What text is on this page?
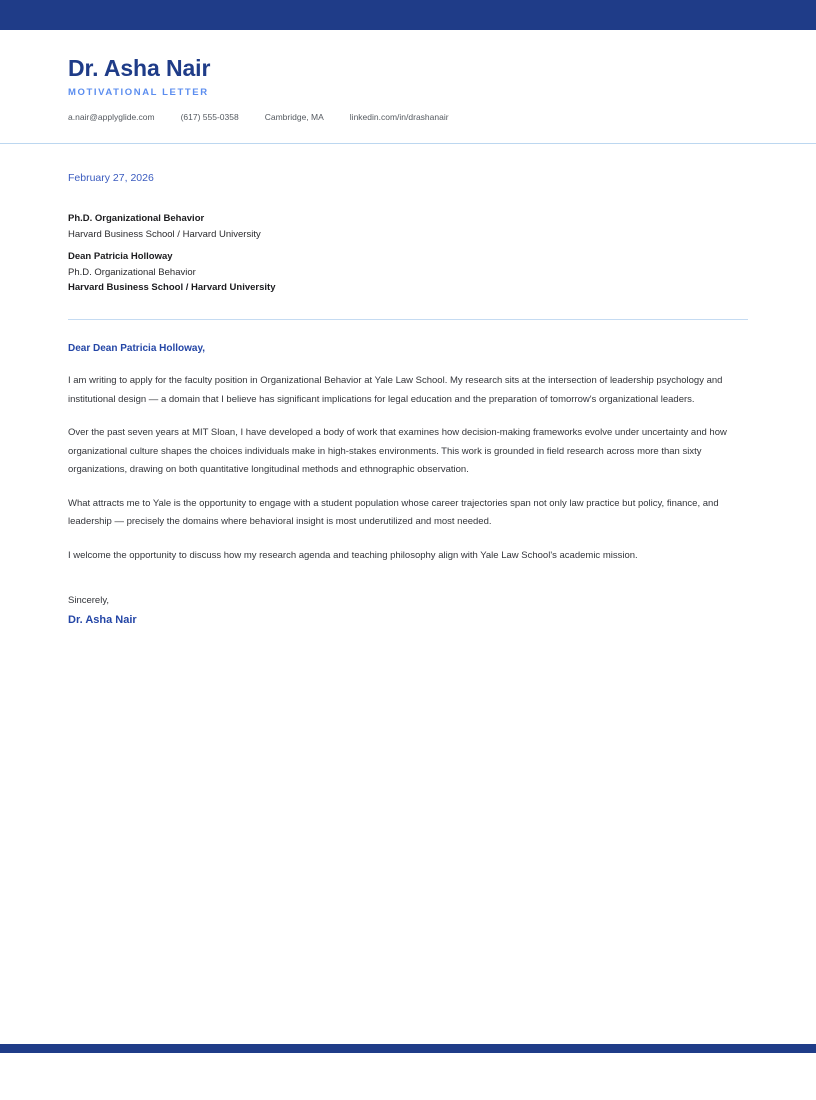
Dr. Asha Nair
MOTIVATIONAL LETTER
a.nair@applyglide.com	(617) 555-0358	Cambridge, MA	linkedin.com/in/drashanair
February 27, 2026
Ph.D. Organizational Behavior
Harvard Business School / Harvard University
Dean Patricia Holloway
Ph.D. Organizational Behavior
Harvard Business School / Harvard University
Dear Dean Patricia Holloway,

I am writing to apply for the faculty position in Organizational Behavior at Yale Law School. My research sits at the intersection of leadership psychology and institutional design — a domain that I believe has significant implications for legal education and the preparation of tomorrow's organizational leaders.

Over the past seven years at MIT Sloan, I have developed a body of work that examines how decision-making frameworks evolve under uncertainty and how organizational culture shapes the choices individuals make in high-stakes environments. This work is grounded in field research across more than sixty organizations, drawing on both quantitative longitudinal methods and ethnographic observation.

What attracts me to Yale is the opportunity to engage with a student population whose career trajectories span not only law practice but policy, finance, and leadership — precisely the domains where behavioral insight is most underutilized and most needed.

I welcome the opportunity to discuss how my research agenda and teaching philosophy align with Yale Law School's academic mission.

Sincerely,
Dr. Asha Nair
